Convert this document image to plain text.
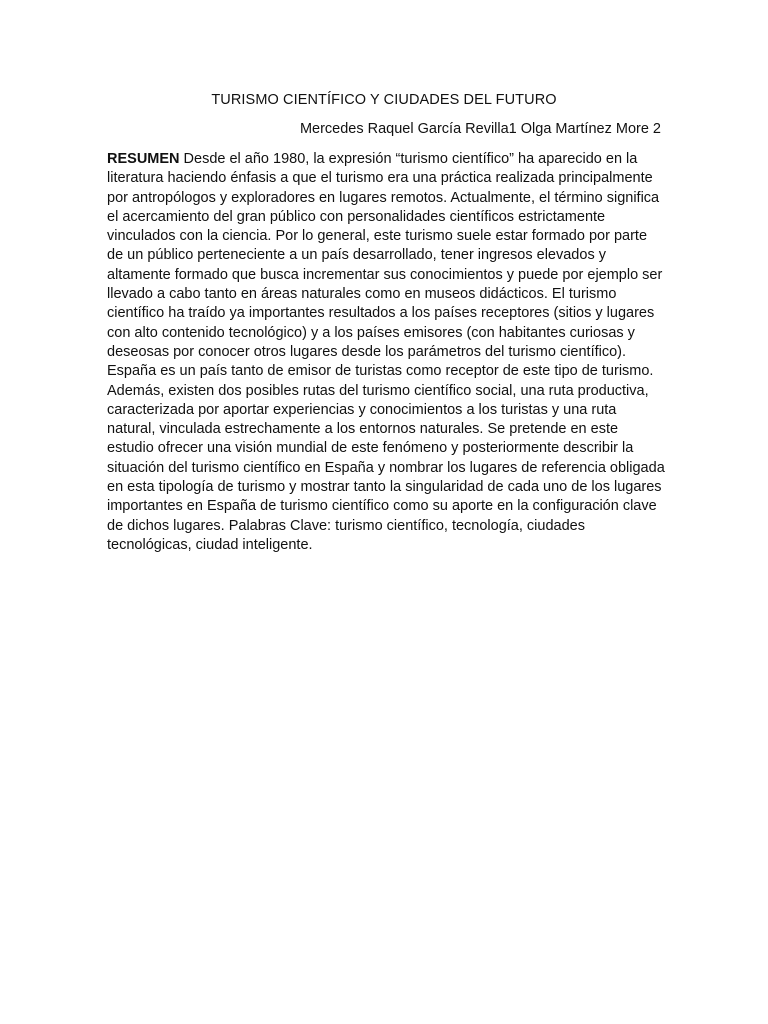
TURISMO CIENTÍFICO Y CIUDADES DEL FUTURO

Mercedes Raquel García Revilla1 Olga Martínez More 2

RESUMEN Desde el año 1980, la expresión “turismo científico” ha aparecido en la literatura haciendo énfasis a que el turismo era una práctica realizada principalmente por antropólogos y exploradores en lugares remotos. Actualmente, el término significa el acercamiento del gran público con personalidades científicos estrictamente vinculados con la ciencia. Por lo general, este turismo suele estar formado por parte de un público perteneciente a un país desarrollado, tener ingresos elevados y altamente formado que busca incrementar sus conocimientos y puede por ejemplo ser llevado a cabo tanto en áreas naturales como en museos didácticos. El turismo científico ha traído ya importantes resultados a los países receptores (sitios y lugares con alto contenido tecnológico) y a los países emisores (con habitantes curiosas y deseosas por conocer otros lugares desde los parámetros del turismo científico). España es un país tanto de emisor de turistas como receptor de este tipo de turismo. Además, existen dos posibles rutas del turismo científico social, una ruta productiva, caracterizada por aportar experiencias y conocimientos a los turistas y una ruta natural, vinculada estrechamente a los entornos naturales. Se pretende en este estudio ofrecer una visión mundial de este fenómeno y posteriormente describir la situación del turismo científico en España y nombrar los lugares de referencia obligada en esta tipología de turismo y mostrar tanto la singularidad de cada uno de los lugares importantes en España de turismo científico como su aporte en la configuración clave de dichos lugares. Palabras Clave: turismo científico, tecnología, ciudades tecnológicas, ciudad inteligente.
